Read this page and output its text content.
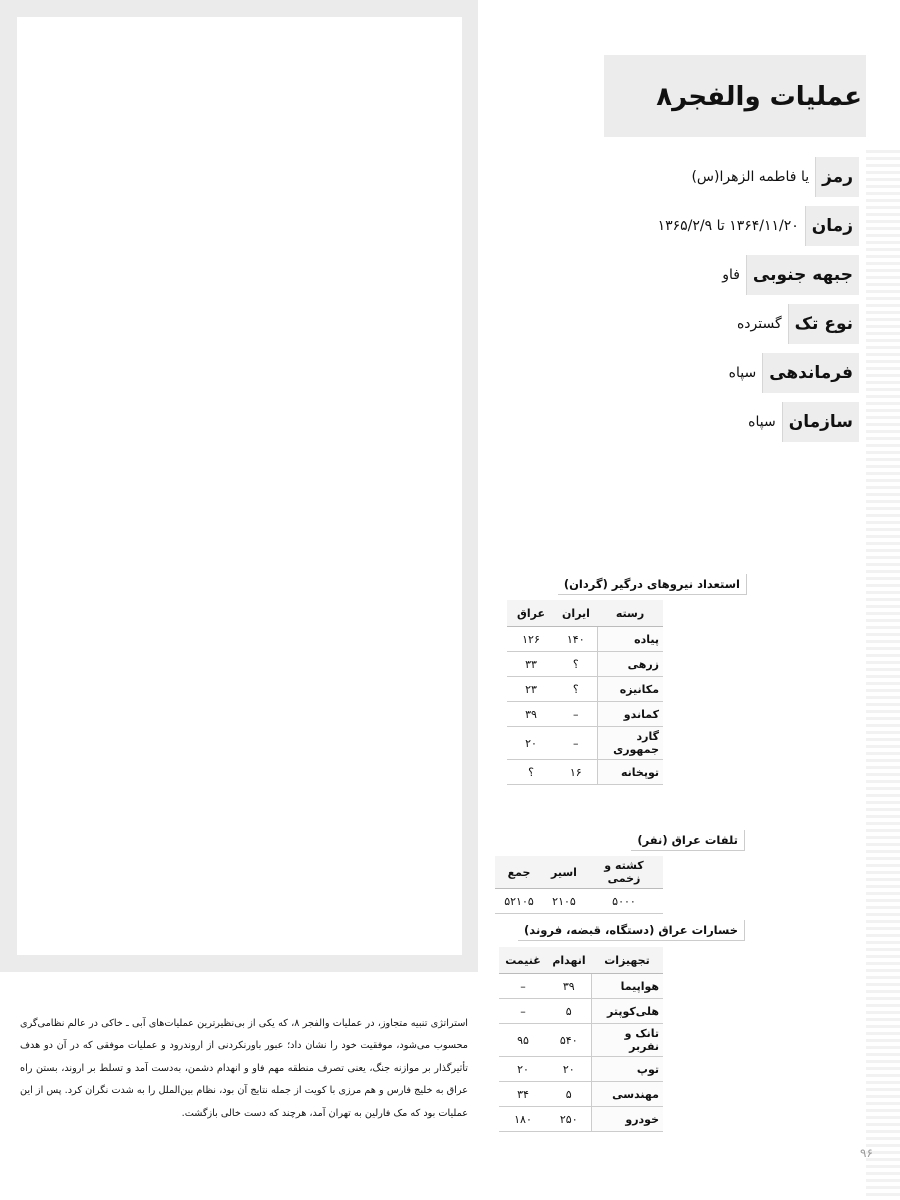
عملیات والفجر۸
رمز
یا فاطمه الزهرا(س)
زمان
۱۳۶۴/۱۱/۲۰ تا ۱۳۶۵/۲/۹
جبهه جنوبی
فاو
نوع تک
گسترده
فرماندهی
سپاه
سازمان
سپاه
استعداد نیروهای درگیر (گردان)
رسته	ایران	عراق
پیاده	۱۴۰	۱۲۶
زرهی	؟	۳۳
مکانیزه	؟	۲۳
کماندو	–	۳۹
گارد جمهوری	–	۲۰
توپخانه	۱۶	؟
تلفات عراق (نفر)
کشته و زخمی	اسیر	جمع
۵۰۰۰	۲۱۰۵	۵۲۱۰۵
خسارات عراق (دستگاه، قبضه، فروند)
تجهیزات	انهدام	غنیمت
هواپیما	۳۹	–
هلی‌کوپتر	۵	–
تانک و نفربر	۵۴۰	۹۵
توپ	۲۰	۲۰
مهندسی	۵	۳۴
خودرو	۲۵۰	۱۸۰

استراتژی تنبیه متجاوز، در عملیات والفجر ۸، که یکی از بی‌نظیرترین عملیات‌های آبی ـ خاکی در عالم نظامی‌گری محسوب می‌شود، موفقیت خود را نشان داد؛ عبور باورنکردنی از اروندرود و عملیات موفقی که در آن دو هدف تأثیرگذار بر موازنه جنگ، یعنی تصرف منطقه مهم فاو و انهدام دشمن، به‌دست آمد و تسلط بر اروند، بستن راه عراق به خلیج فارس و هم مرزی با کویت از جمله نتایج آن بود، نظام بین‌الملل را به شدت نگران کرد. پس از این عملیات بود که مک فارلین به تهران آمد، هرچند که دست خالی بازگشت.

۹۶
